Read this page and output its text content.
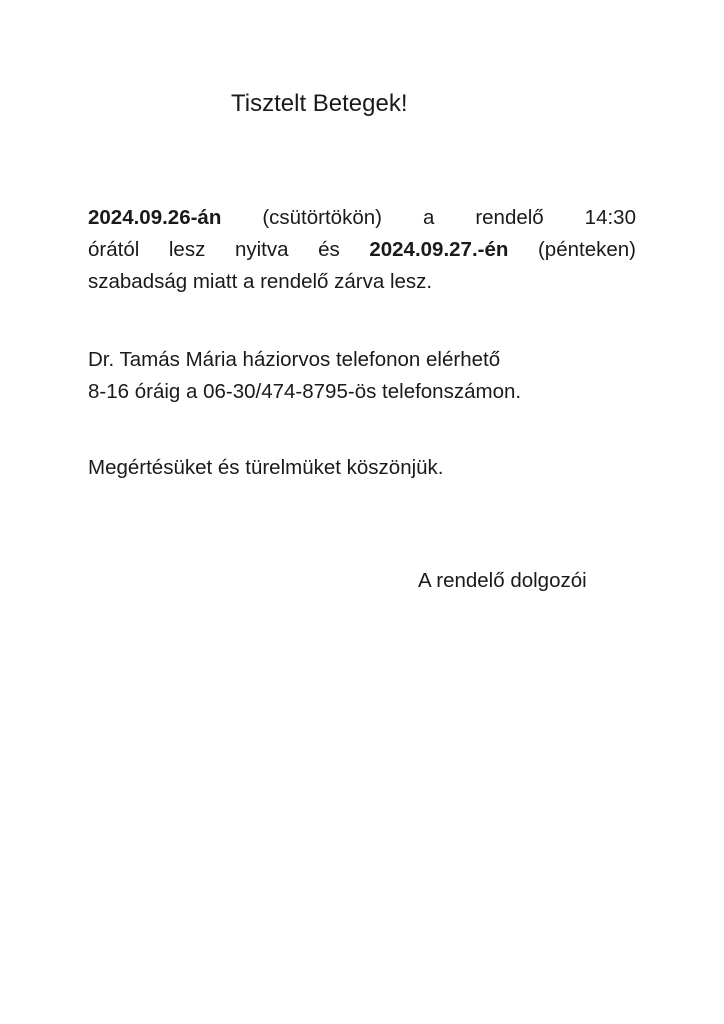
Tisztelt Betegek!
2024.09.26-án (csütörtökön) a rendelő 14:30
órától lesz nyitva és 2024.09.27.-én (pénteken)
szabadság miatt a rendelő zárva lesz.
Dr. Tamás Mária háziorvos telefonon elérhető
8-16 óráig a 06-30/474-8795-ös telefonszámon.

Megértésüket és türelmüket köszönjük.

A rendelő dolgozói
